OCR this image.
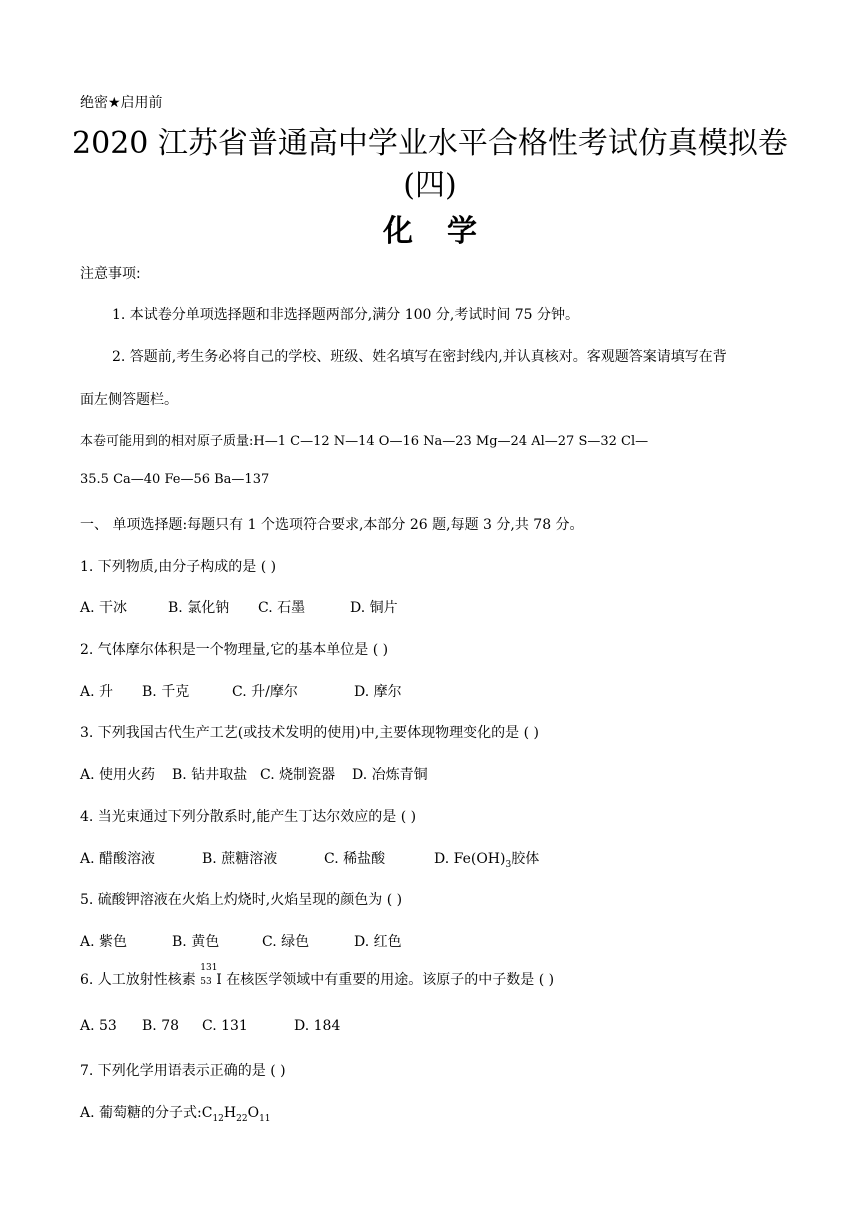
绝密★启用前
2020 江苏省普通高中学业水平合格性考试仿真模拟卷
(四)
化学
注意事项:
1. 本试卷分单项选择题和非选择题两部分,满分 100 分,考试时间 75 分钟。
2. 答题前,考生务必将自己的学校、班级、姓名填写在密封线内,并认真核对。客观题答案请填写在背
面左侧答题栏。
本卷可能用到的相对原子质量:H—1 C—12 N—14 O—16 Na—23 Mg—24 Al—27 S—32 Cl—
35.5 Ca—40 Fe—56 Ba—137
一、 单项选择题:每题只有 1 个选项符合要求,本部分 26 题,每题 3 分,共 78 分。
1. 下列物质,由分子构成的是 ( )
A. 干冰	B. 氯化钠 C. 石墨	D. 铜片
2. 气体摩尔体积是一个物理量,它的基本单位是 ( )
A. 升 B. 千克	C. 升/摩尔	D. 摩尔
3. 下列我国古代生产工艺(或技术发明的使用)中,主要体现物理变化的是 ( )
A. 使用火药 B. 钻井取盐 C. 烧制瓷器 D. 冶炼青铜
4. 当光束通过下列分散系时,能产生丁达尔效应的是 ( )
A. 醋酸溶液	B. 蔗糖溶液	C. 稀盐酸	D. $Fe(OH)_3$胶体
5. 硫酸钾溶液在火焰上灼烧时,火焰呈现的颜色为 ( )
A. 紫色	B. 黄色	C. 绿色	D. 红色
6. 人工放射性核素
131
53 I 在核医学领域中有重要的用途。该原子的中子数是 ( )
A. 53 B. 78 C. 131	D. 184
7. 下列化学用语表示正确的是 ( )
A. 葡萄糖的分子式$:C_{12}H_{22}O_{11}$
